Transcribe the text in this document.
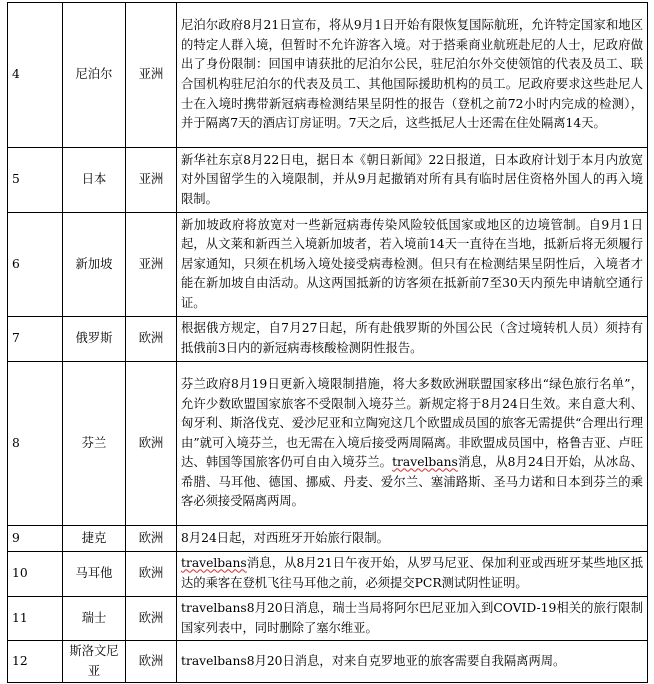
4	尼泊尔	亚洲	尼泊尔政府8月21日宣布，将从9月1日开始有限恢复国际航班，允许特定国家和地区的特定人群入境，但暂时不允许游客入境。对于搭乘商业航班赴尼的人士，尼政府做出了身份限制：回国申请获批的尼泊尔公民，驻尼泊尔外交使领馆的代表及员工、联合国机构驻尼泊尔的代表及员工、其他国际援助机构的员工。尼政府要求这些赴尼人士在入境时携带新冠病毒检测结果呈阴性的报告（登机之前72小时内完成的检测），并于隔离7天的酒店订房证明。7天之后，这些抵尼人士还需在住处隔离14天。
5	日本	亚洲	新华社东京8月22日电，据日本《朝日新闻》22日报道，日本政府计划于本月内放宽对外国留学生的入境限制，并从9月起撤销对所有具有临时居住资格外国人的再入境限制。
6	新加坡	亚洲	新加坡政府将放宽对一些新冠病毒传染风险较低国家或地区的边境管制。自9月1日起，从文莱和新西兰入境新加坡者，若入境前14天一直待在当地，抵新后将无须履行居家通知，只须在机场入境处接受病毒检测。但只有在检测结果呈阴性后，入境者才能在新加坡自由活动。从这两国抵新的访客须在抵新前7至30天内预先申请航空通行证。
7	俄罗斯	欧洲	根据俄方规定，自7月27日起，所有赴俄罗斯的外国公民（含过境转机人员）须持有抵俄前3日内的新冠病毒核酸检测阴性报告。
8	芬兰	欧洲	芬兰政府8月19日更新入境限制措施，将大多数欧洲联盟国家移出“绿色旅行名单”，允许少数欧盟国家旅客不受限制入境芬兰。新规定将于8月24日生效。来自意大利、匈牙利、斯洛伐克、爱沙尼亚和立陶宛这几个欧盟成员国的旅客无需提供“合理出行理由”就可入境芬兰，也无需在入境后接受两周隔离。非欧盟成员国中，格鲁吉亚、卢旺达、韩国等国旅客仍可自由入境芬兰。travelbans消息，从8月24日开始，从冰岛、希腊、马耳他、德国、挪威、丹麦、爱尔兰、塞浦路斯、圣马力诺和日本到芬兰的乘客必须接受隔离两周。
9	捷克	欧洲	8月24日起，对西班牙开始旅行限制。
10	马耳他	欧洲	travelbans消息，从8月21日午夜开始，从罗马尼亚、保加利亚或西班牙某些地区抵达的乘客在登机飞往马耳他之前，必须提交PCR测试阴性证明。
11	瑞士	欧洲	travelbans8月20日消息，瑞士当局将阿尔巴尼亚加入到COVID-19相关的旅行限制国家列表中，同时删除了塞尔维亚。
12	斯洛文尼亚	欧洲	travelbans8月20日消息，对来自克罗地亚的旅客需要自我隔离两周。
